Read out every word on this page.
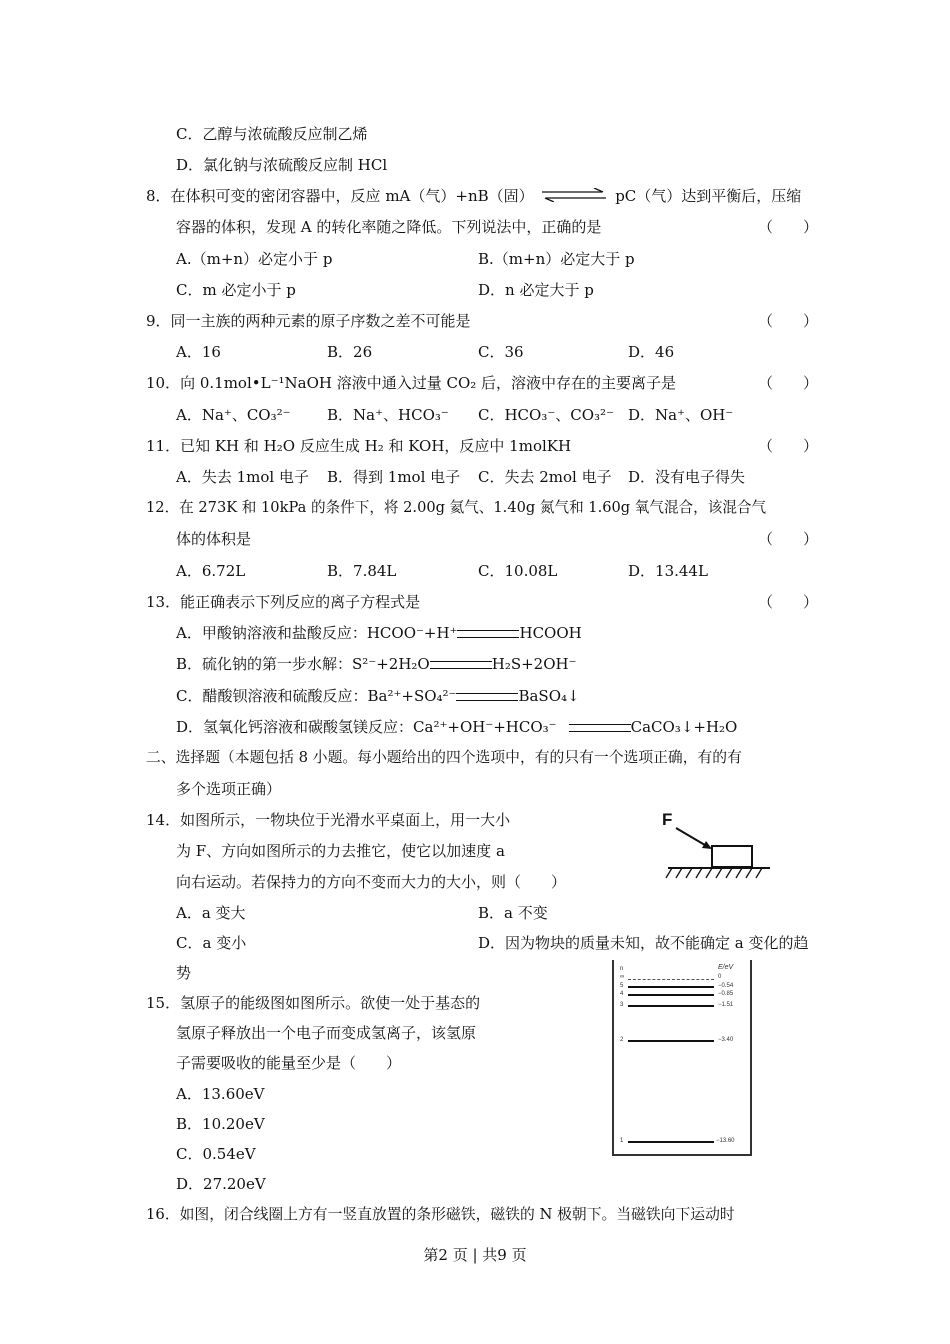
C．乙醇与浓硫酸反应制乙烯
D．氯化钠与浓硫酸反应制 HCl
8．在体积可变的密闭容器中，反应 mA（气）+nB（固）	pC（气）达到平衡后，压缩
容器的体积，发现 A 的转化率随之降低。下列说法中，正确的是	（　　）
A.（m+n）必定小于 p	B.（m+n）必定大于 p
C．m 必定小于 p	D．n 必定大于 p
9．同一主族的两种元素的原子序数之差不可能是	（　　）
A．16	B．26	C．36	D．46
10．向 0.1mol•L⁻¹NaOH 溶液中通入过量 CO₂ 后，溶液中存在的主要离子是	（　　）
A．Na⁺、CO₃²⁻ B．Na⁺、HCO₃⁻ C．HCO₃⁻、CO₃²⁻ D．Na⁺、OH⁻
11．已知 KH 和 H₂O 反应生成 H₂ 和 KOH，反应中 1molKH	（　　）
A．失去 1mol 电子 B．得到 1mol 电子 C．失去 2mol 电子 D．没有电子得失
12．在 273K 和 10kPa 的条件下，将 2.00g 氦气、1.40g 氮气和 1.60g 氧气混合，该混合气
体的体积是	（　　）
A．6.72L	B．7.84L	C．10.08L	D．13.44L
13．能正确表示下列反应的离子方程式是	（　　）
A．甲酸钠溶液和盐酸反应：HCOO⁻+H⁺	HCOOH
B．硫化钠的第一步水解：S²⁻+2H₂O	H₂S+2OH⁻
C．醋酸钡溶液和硫酸反应：Ba²⁺+SO₄²⁻	BaSO₄↓
D．氢氧化钙溶液和碳酸氢镁反应：Ca²⁺+OH⁻+HCO₃⁻	CaCO₃↓+H₂O
二、选择题（本题包括 8 小题。每小题给出的四个选项中，有的只有一个选项正确，有的有
多个选项正确）
14．如图所示，一物块位于光滑水平桌面上，用一大小
为 F、方向如图所示的力去推它，使它以加速度 a
向右运动。若保持力的方向不变而大力的大小，则（　　）
A．a 变大	B．a 不变
C．a 变小	D．因为物块的质量未知，故不能确定 a 变化的趋
势
F
15．氢原子的能级图如图所示。欲使一处于基态的
氢原子释放出一个电子而变成氢离子，该氢原
子需要吸收的能量至少是（　　）
A．13.60eV
B．10.20eV
C．0.54eV
D．27.20eV
n	E/eV
∞	0
5	−0.54
4	−0.85
3	−1.51
2	−3.40
1	−13.60
16．如图，闭合线圈上方有一竖直放置的条形磁铁，磁铁的 N 极朝下。当磁铁向下运动时
第2 页 | 共9 页
